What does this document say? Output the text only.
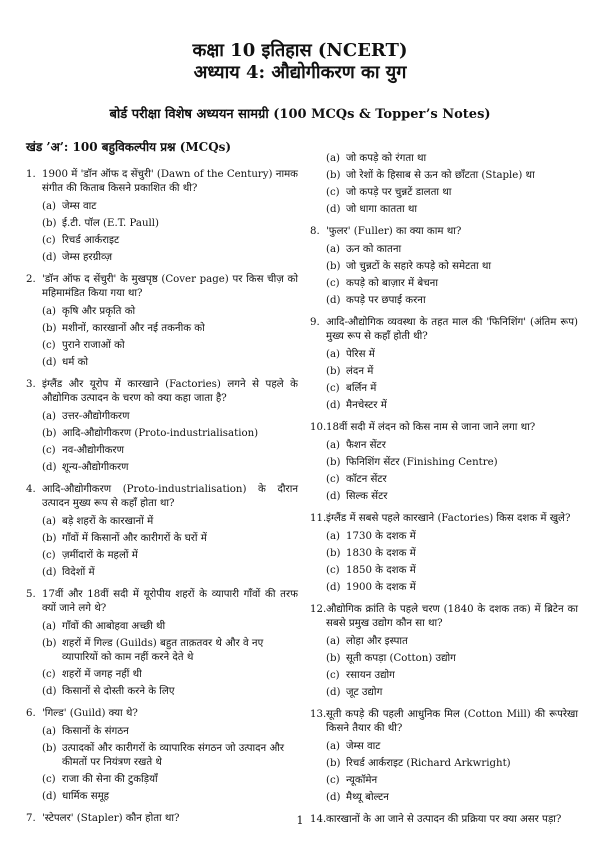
कक्षा 10 इतिहास (NCERT)
अध्याय 4: औद्योगीकरण का युग
बोर्ड परीक्षा विशेष अध्ययन सामग्री (100 MCQs & Topper’s Notes)
खंड ’अ’: 100 बहुविकल्पीय प्रश्न (MCQs)
1. 1900 में 'डॉन ऑफ द सेंचुरी' (Dawn of the Century) नामक संगीत की किताब किसने प्रकाशित की थी?
(a) जेम्स वाट
(b) ई.टी. पॉल (E.T. Paull)
(c) रिचर्ड आर्कराइट
(d) जेम्स हरग्रीव्ज़
2. 'डॉन ऑफ द सेंचुरी' के मुखपृष्ठ (Cover page) पर किस चीज़ को महिमामंडित किया गया था?
(a) कृषि और प्रकृति को
(b) मशीनों, कारखानों और नई तकनीक को
(c) पुराने राजाओं को
(d) धर्म को
3. इंग्लैंड और यूरोप में कारखाने (Factories) लगने से पहले के औद्योगिक उत्पादन के चरण को क्या कहा जाता है?
(a) उत्तर-औद्योगीकरण
(b) आदि-औद्योगीकरण (Proto-industrialisation)
(c) नव-औद्योगीकरण
(d) शून्य-औद्योगीकरण
4. आदि-औद्योगीकरण (Proto-industrialisation) के दौरान उत्पादन मुख्य रूप से कहाँ होता था?
(a) बड़े शहरों के कारखानों में
(b) गाँवों में किसानों और कारीगरों के घरों में
(c) ज़मींदारों के महलों में
(d) विदेशों में
5. 17वीं और 18वीं सदी में यूरोपीय शहरों के व्यापारी गाँवों की तरफ क्यों जाने लगे थे?
(a) गाँवों की आबोहवा अच्छी थी
(b) शहरों में गिल्ड (Guilds) बहुत ताक़तवर थे और वे नए व्यापारियों को काम नहीं करने देते थे
(c) शहरों में जगह नहीं थी
(d) किसानों से दोस्ती करने के लिए
6. 'गिल्ड' (Guild) क्या थे?
(a) किसानों के संगठन
(b) उत्पादकों और कारीगरों के व्यापारिक संगठन जो उत्पादन और कीमतों पर नियंत्रण रखते थे
(c) राजा की सेना की टुकड़ियाँ
(d) धार्मिक समूह
7. 'स्टेपलर' (Stapler) कौन होता था?
(a) जो कपड़े को रंगता था
(b) जो रेशों के हिसाब से ऊन को छाँटता (Staple) था
(c) जो कपड़े पर चुन्नटें डालता था
(d) जो धागा कातता था
8. 'फुलर' (Fuller) का क्या काम था?
(a) ऊन को कातना
(b) जो चुन्नटों के सहारे कपड़े को समेटता था
(c) कपड़े को बाज़ार में बेचना
(d) कपड़े पर छपाई करना
9. आदि-औद्योगिक व्यवस्था के तहत माल की 'फिनिशिंग' (अंतिम रूप) मुख्य रूप से कहाँ होती थी?
(a) पेरिस में
(b) लंदन में
(c) बर्लिन में
(d) मैनचेस्टर में
10. 18वीं सदी में लंदन को किस नाम से जाना जाने लगा था?
(a) फैशन सेंटर
(b) फिनिशिंग सेंटर (Finishing Centre)
(c) कॉटन सेंटर
(d) सिल्क सेंटर
11. इंग्लैंड में सबसे पहले कारखाने (Factories) किस दशक में खुले?
(a) 1730 के दशक में
(b) 1830 के दशक में
(c) 1850 के दशक में
(d) 1900 के दशक में
12. औद्योगिक क्रांति के पहले चरण (1840 के दशक तक) में ब्रिटेन का सबसे प्रमुख उद्योग कौन सा था?
(a) लोहा और इस्पात
(b) सूती कपड़ा (Cotton) उद्योग
(c) रसायन उद्योग
(d) जूट उद्योग
13. सूती कपड़े की पहली आधुनिक मिल (Cotton Mill) की रूपरेखा किसने तैयार की थी?
(a) जेम्स वाट
(b) रिचर्ड आर्कराइट (Richard Arkwright)
(c) न्यूकॉमेन
(d) मैथ्यू बोल्टन
14. कारखानों के आ जाने से उत्पादन की प्रक्रिया पर क्या असर पड़ा?
1
